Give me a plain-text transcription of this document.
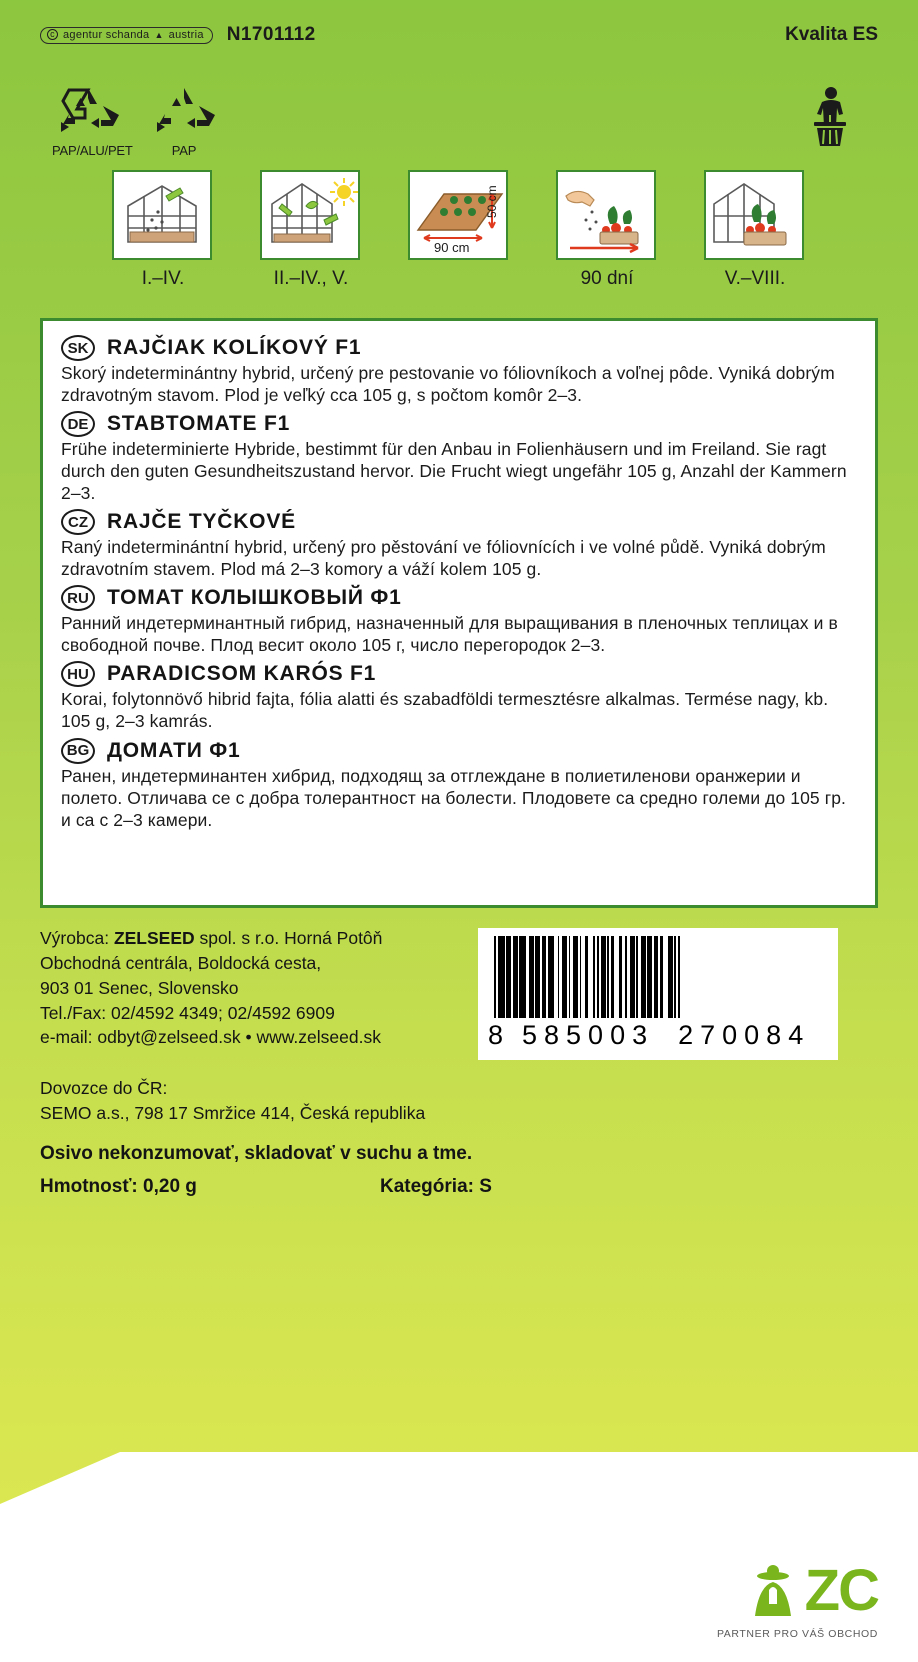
c agentur schanda ▲ austria N1701112	Kvalita ES
PAP/ALU/PET	PAP
I.–IV.	II.–IV., V.
90 cm
50 cm
90 dní	V.–VIII.
SK RAJČIAK KOLÍKOVÝ F1

Skorý indeterminántny hybrid, určený pre pestovanie vo fóliovníkoch a voľnej pôde. Vyniká dobrým zdravotným stavom. Plod je veľký cca 105 g, s počtom komôr 2–3.

DE STABTOMATE F1

Frühe indeterminierte Hybride, bestimmt für den Anbau in Folienhäusern und im Freiland. Sie ragt durch den guten Gesundheitszustand hervor. Die Frucht wiegt ungefähr 105 g, Anzahl der Kammern 2–3.

CZ RAJČE TYČKOVÉ

Raný indeterminántní hybrid, určený pro pěstování ve fóliovnících i ve volné půdě. Vyniká dobrým zdravotním stavem. Plod má 2–3 komory a váží kolem 105 g.

RU ТОМАТ КОЛЫШКОВЫЙ Ф1

Ранний индетерминантный гибрид, назначенный для выращивания в пленочных теплицах и в свободной почве. Плод весит около 105 г, число перегородок 2–3.

HU PARADICSOM KARÓS F1

Korai, folytonnövő hibrid fajta, fólia alatti és szabadföldi termesztésre alkalmas. Termése nagy, kb. 105 g, 2–3 kamrás.

BG ДОМАТИ Ф1

Ранен, индетерминантен хибрид, подходящ за отглеждане в полиетиленови оранжерии и полето. Отличава се с добра толерантност на болести. Плодовете са средно големи до 105 гр. и са с 2–3 камери.

Výrobca: ZELSEED spol. s r.o. Horná Potôň
Obchodná centrála, Boldocká cesta,
903 01 Senec, Slovensko
Tel./Fax: 02/4592 4349; 02/4592 6909
e-mail: odbyt@zelseed.sk • www.zelseed.sk
Dovozce do ČR:
SEMO a.s., 798 17 Smržice 414, Česká republika
Osivo nekonzumovať, skladovať v suchu a tme.
Hmotnosť: 0,20 g	Kategória: S
8 585003 270084
ZC
PARTNER PRO VÁŠ OBCHOD
